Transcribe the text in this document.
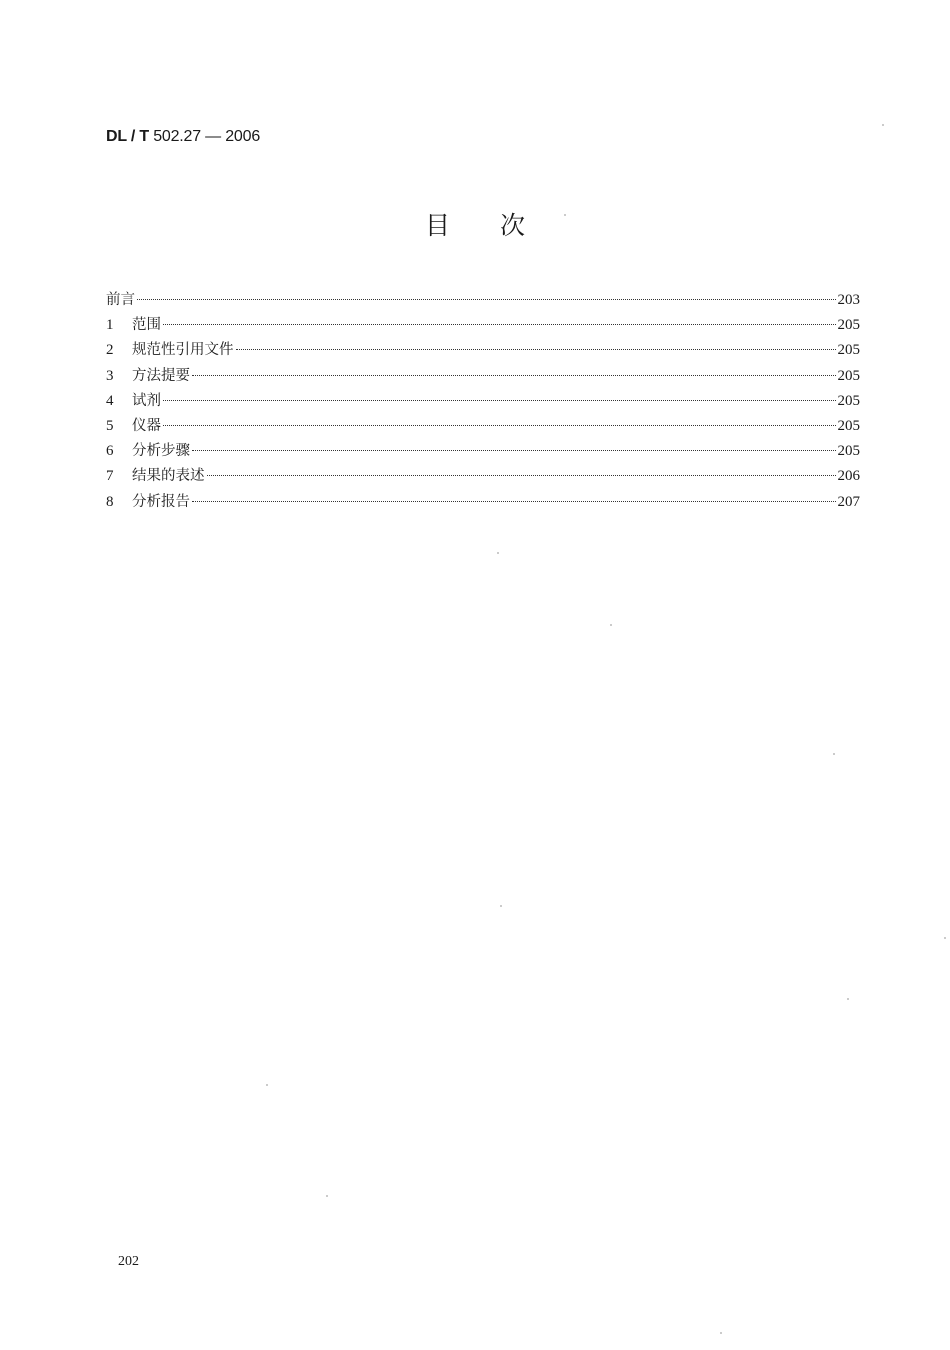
DL / T 502.27 — 2006
目 次
前言	203
1	范围	205
2	规范性引用文件	205
3	方法提要	205
4	试剂	205
5	仪器	205
6	分析步骤	205
7	结果的表述	206
8	分析报告	207
202
